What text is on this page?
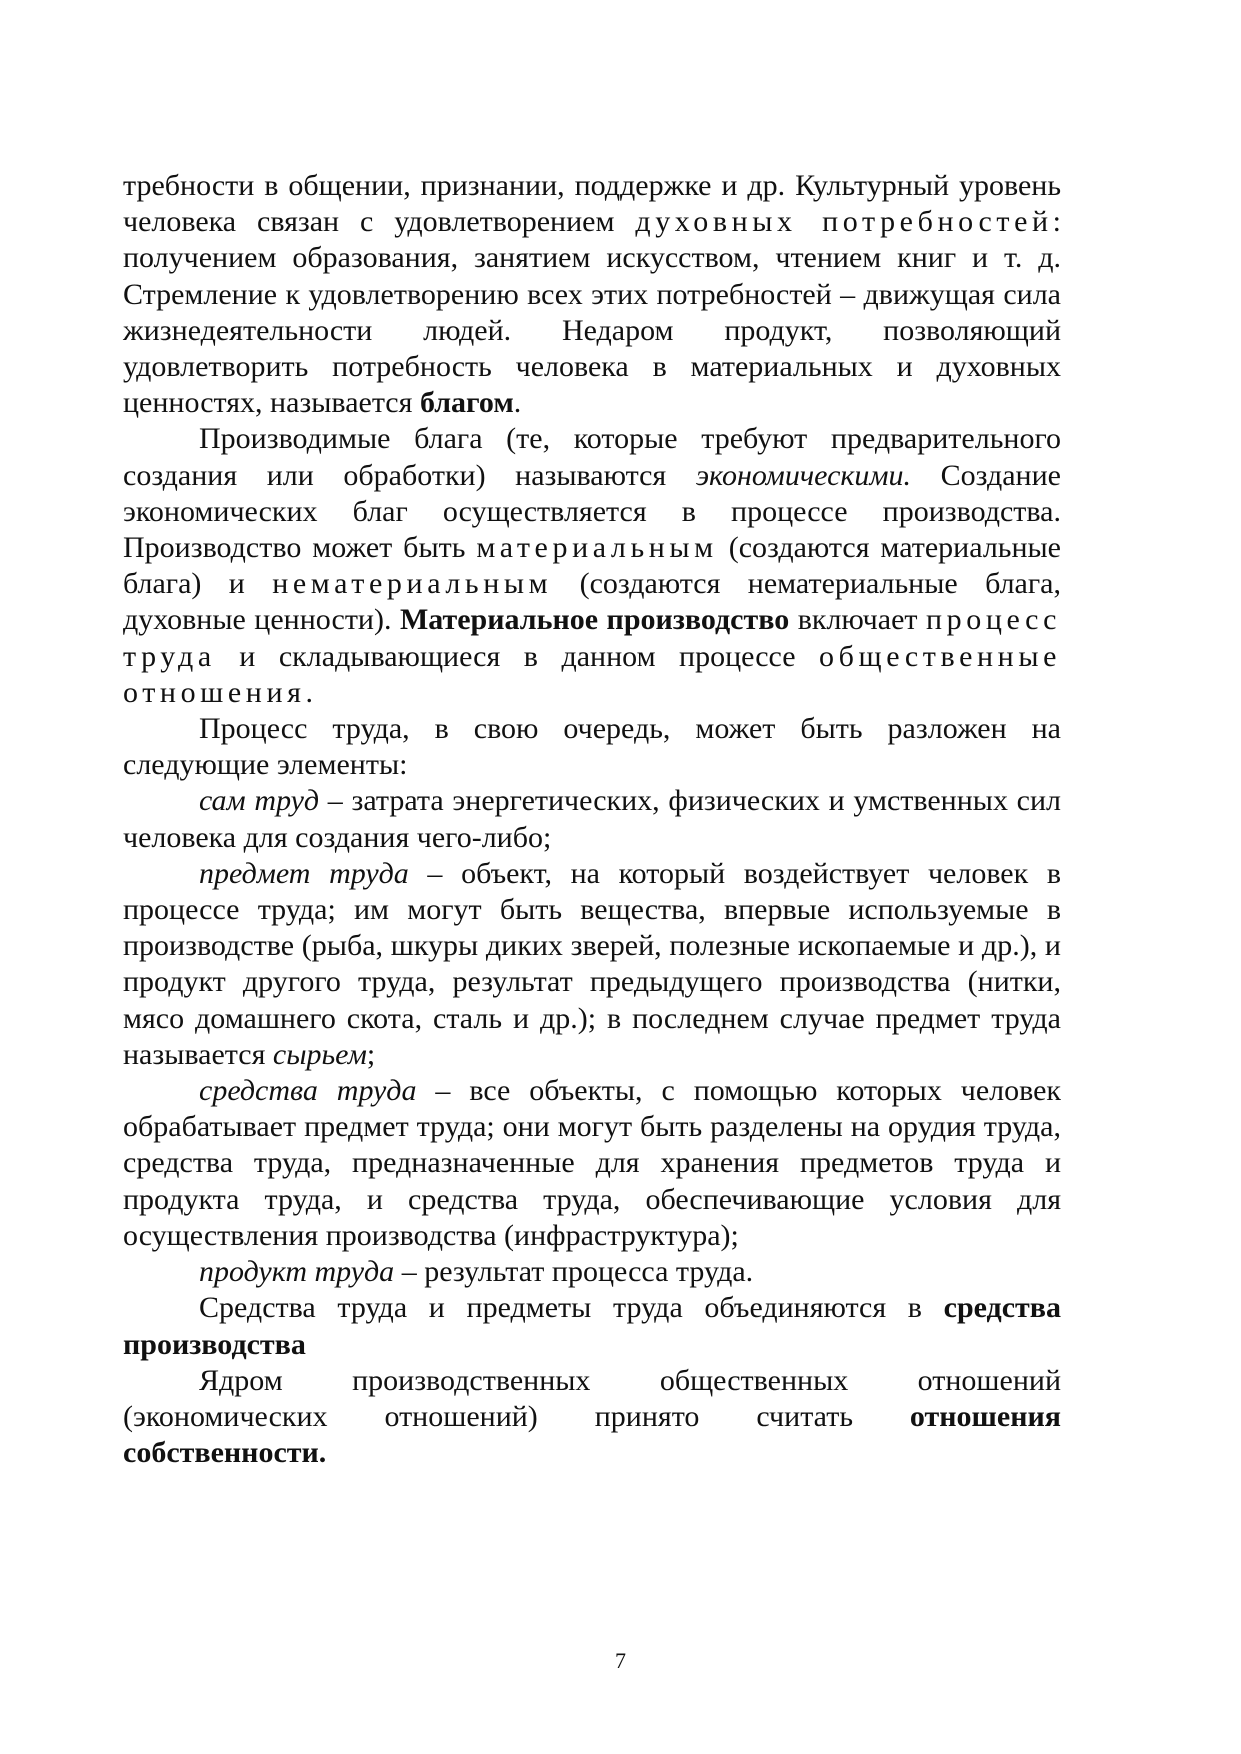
требности в общении, признании, поддержке и др. Культурный уровень человека связан с удовлетворением духовных потребностей: получением образования, занятием искусством, чтением книг и т. д. Стремление к удовлетворению всех этих потребностей – движущая сила жизнедеятельности людей. Недаром продукт, позволяющий удовлетворить потребность человека в материальных и духовных ценностях, называется благом.

Производимые блага (те, которые требуют предварительного создания или обработки) называются экономическими. Создание экономических благ осуществляется в процессе производства. Производство может быть материальным (создаются материальные блага) и нематериальным (создаются нематериальные блага, духовные ценности). Материальное производство включает процесс труда и складывающиеся в данном процессе общественные отношения.

Процесс труда, в свою очередь, может быть разложен на следующие элементы:

сам труд – затрата энергетических, физических и умственных сил человека для создания чего-либо;

предмет труда – объект, на который воздействует человек в процессе труда; им могут быть вещества, впервые используемые в производстве (рыба, шкуры диких зверей, полезные ископаемые и др.), и продукт другого труда, результат предыдущего производства (нитки, мясо домашнего скота, сталь и др.); в последнем случае предмет труда называется сырьем;

средства труда – все объекты, с помощью которых человек обрабатывает предмет труда; они могут быть разделены на орудия труда, средства труда, предназначенные для хранения предметов труда и продукта труда, и средства труда, обеспечивающие условия для осуществления производства (инфраструктура);

продукт труда – результат процесса труда.

Средства труда и предметы труда объединяются в средства производства

Ядром производственных общественных отношений (экономических отношений) принято считать отношения собственности.

7
